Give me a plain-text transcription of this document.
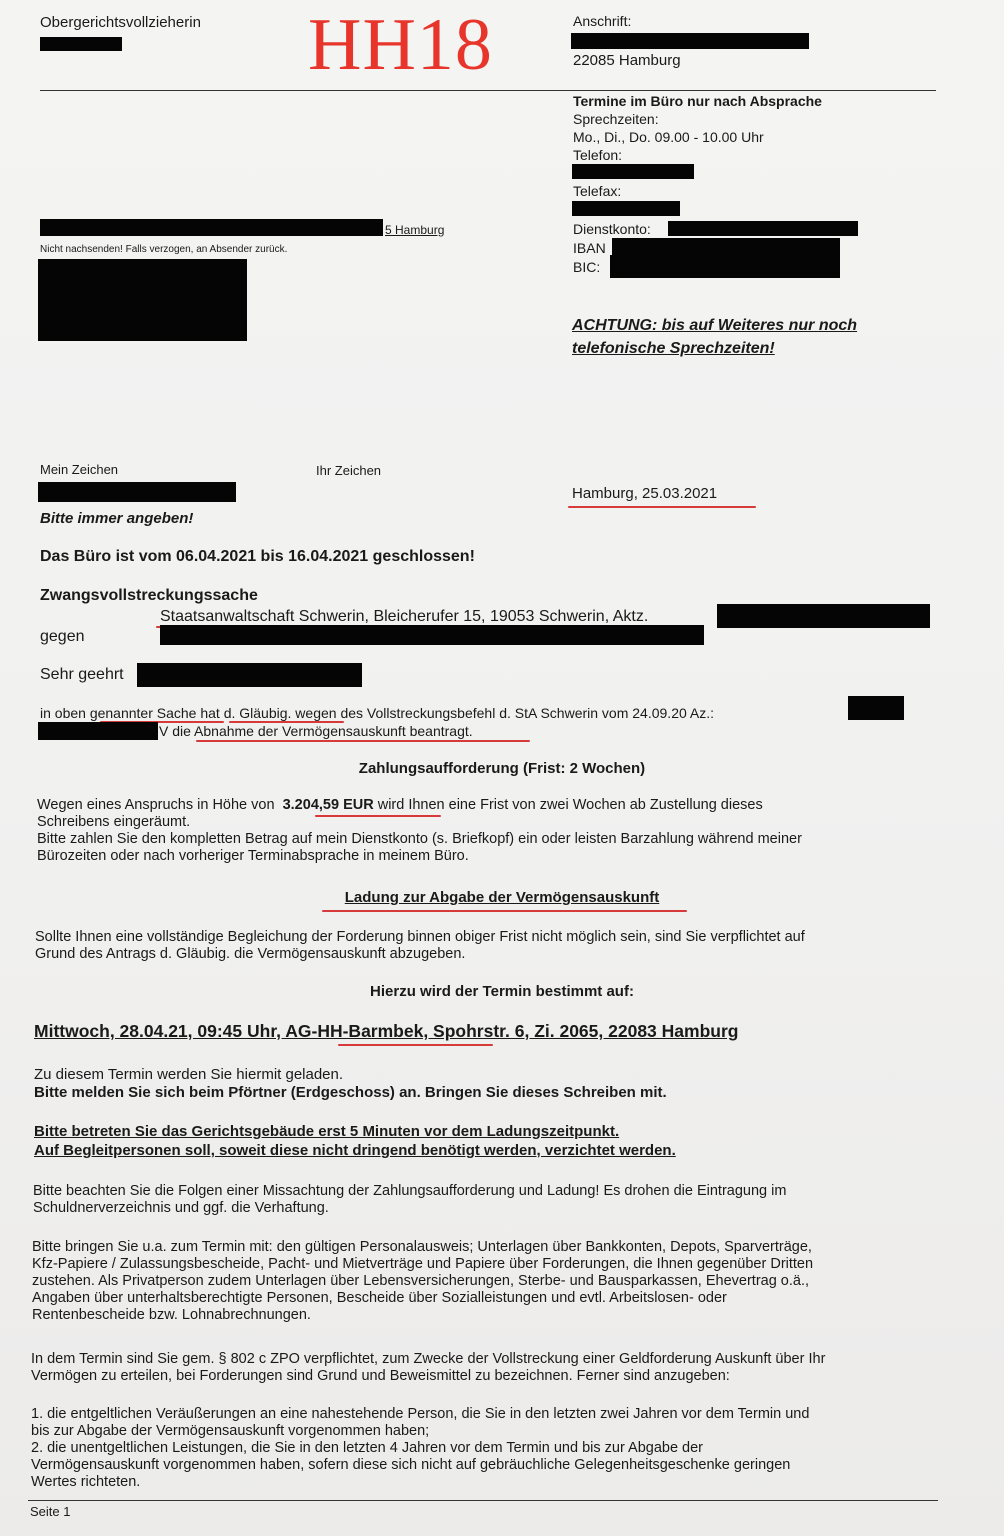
Obergerichtsvollzieherin HH18	Anschrift:
22085 Hamburg
Termine im Büro nur nach Absprache
Sprechzeiten:
Mo., Di., Do. 09.00 - 10.00 Uhr
Telefon:
Telefax:
Dienstkonto:
IBAN
BIC:
ACHTUNG: bis auf Weiteres nur noch
telefonische Sprechzeiten!
5 Hamburg
Nicht nachsenden! Falls verzogen, an Absender zurück.
Mein Zeichen	Ihr Zeichen
Hamburg, 25.03.2021
Bitte immer angeben!
Das Büro ist vom 06.04.2021 bis 16.04.2021 geschlossen!
Zwangsvollstreckungssache
Staatsanwaltschaft Schwerin, Bleicherufer 15, 19053 Schwerin, Aktz.
gegen
Sehr geehrt
in oben genannter Sache hat d. Gläubig. wegen des Vollstreckungsbefehl d. StA Schwerin vom 24.09.20 Az.:
V die Abnahme der Vermögensauskunft beantragt.
Zahlungsaufforderung (Frist: 2 Wochen)
Wegen eines Anspruchs in Höhe von 3.204,59 EUR wird Ihnen eine Frist von zwei Wochen ab Zustellung dieses
Schreibens eingeräumt.
Bitte zahlen Sie den kompletten Betrag auf mein Dienstkonto (s. Briefkopf) ein oder leisten Barzahlung während meiner
Bürozeiten oder nach vorheriger Terminabsprache in meinem Büro.
Ladung zur Abgabe der Vermögensauskunft
Sollte Ihnen eine vollständige Begleichung der Forderung binnen obiger Frist nicht möglich sein, sind Sie verpflichtet auf
Grund des Antrags d. Gläubig. die Vermögensauskunft abzugeben.
Hierzu wird der Termin bestimmt auf:
Mittwoch, 28.04.21, 09:45 Uhr, AG-HH-Barmbek, Spohrstr. 6, Zi. 2065, 22083 Hamburg
Zu diesem Termin werden Sie hiermit geladen.
Bitte melden Sie sich beim Pförtner (Erdgeschoss) an. Bringen Sie dieses Schreiben mit.
Bitte betreten Sie das Gerichtsgebäude erst 5 Minuten vor dem Ladungszeitpunkt.
Auf Begleitpersonen soll, soweit diese nicht dringend benötigt werden, verzichtet werden.
Bitte beachten Sie die Folgen einer Missachtung der Zahlungsaufforderung und Ladung! Es drohen die Eintragung im
Schuldnerverzeichnis und ggf. die Verhaftung.
Bitte bringen Sie u.a. zum Termin mit: den gültigen Personalausweis; Unterlagen über Bankkonten, Depots, Sparverträge,
Kfz-Papiere / Zulassungsbescheide, Pacht- und Mietverträge und Papiere über Forderungen, die Ihnen gegenüber Dritten
zustehen. Als Privatperson zudem Unterlagen über Lebensversicherungen, Sterbe- und Bausparkassen, Ehevertrag o.ä.,
Angaben über unterhaltsberechtigte Personen, Bescheide über Sozialleistungen und evtl. Arbeitslosen- oder
Rentenbescheide bzw. Lohnabrechnungen.
In dem Termin sind Sie gem. § 802 c ZPO verpflichtet, zum Zwecke der Vollstreckung einer Geldforderung Auskunft über Ihr
Vermögen zu erteilen, bei Forderungen sind Grund und Beweismittel zu bezeichnen. Ferner sind anzugeben:
1. die entgeltlichen Veräußerungen an eine nahestehende Person, die Sie in den letzten zwei Jahren vor dem Termin und
bis zur Abgabe der Vermögensauskunft vorgenommen haben;
2. die unentgeltlichen Leistungen, die Sie in den letzten 4 Jahren vor dem Termin und bis zur Abgabe der
Vermögensauskunft vorgenommen haben, sofern diese sich nicht auf gebräuchliche Gelegenheitsgeschenke geringen
Wertes richteten.
Seite 1
